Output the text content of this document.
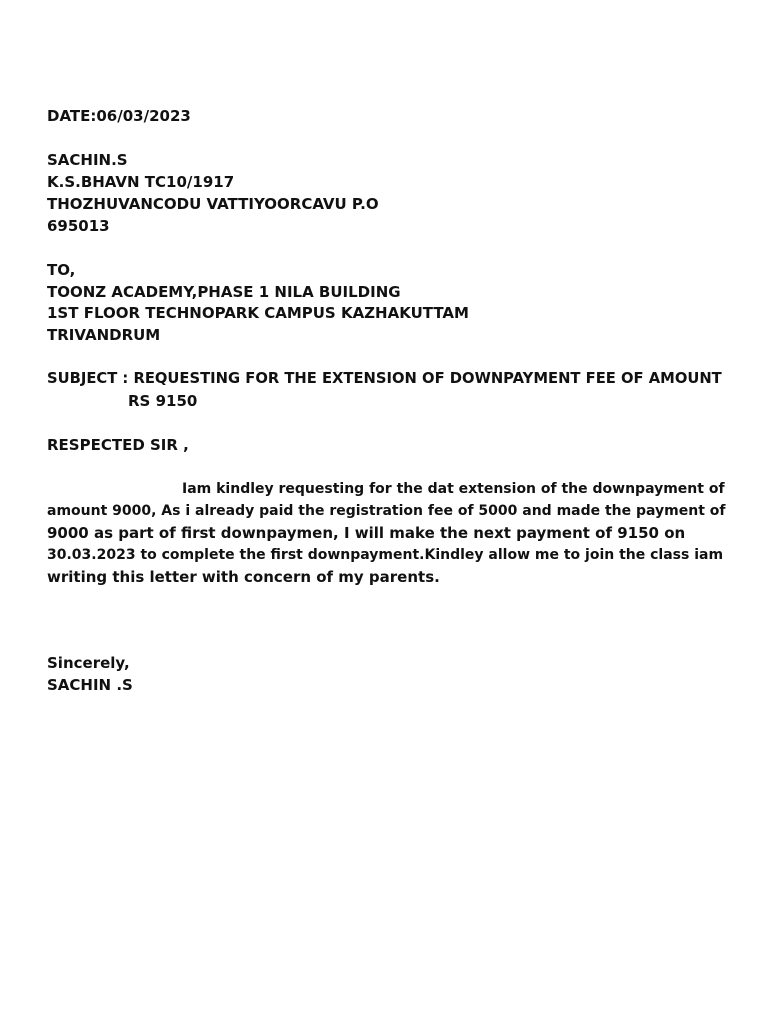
DATE:06/03/2023
SACHIN.S
K.S.BHAVN TC10/1917
THOZHUVANCODU VATTIYOORCAVU P.O
695013
TO,
TOONZ ACADEMY,PHASE 1 NILA BUILDING
1ST FLOOR TECHNOPARK CAMPUS KAZHAKUTTAM
TRIVANDRUM
SUBJECT : REQUESTING FOR THE EXTENSION OF DOWNPAYMENT FEE OF AMOUNT
RS 9150
RESPECTED SIR ,
Iam kindley requesting for the dat extension of the downpayment of
amount 9000, As i already paid the registration fee of 5000 and made the payment of
9000 as part of first downpaymen, I will make the next payment of 9150 on
30.03.2023 to complete the first downpayment.Kindley allow me to join the class iam
writing this letter with concern of my parents.
Sincerely,
SACHIN .S
